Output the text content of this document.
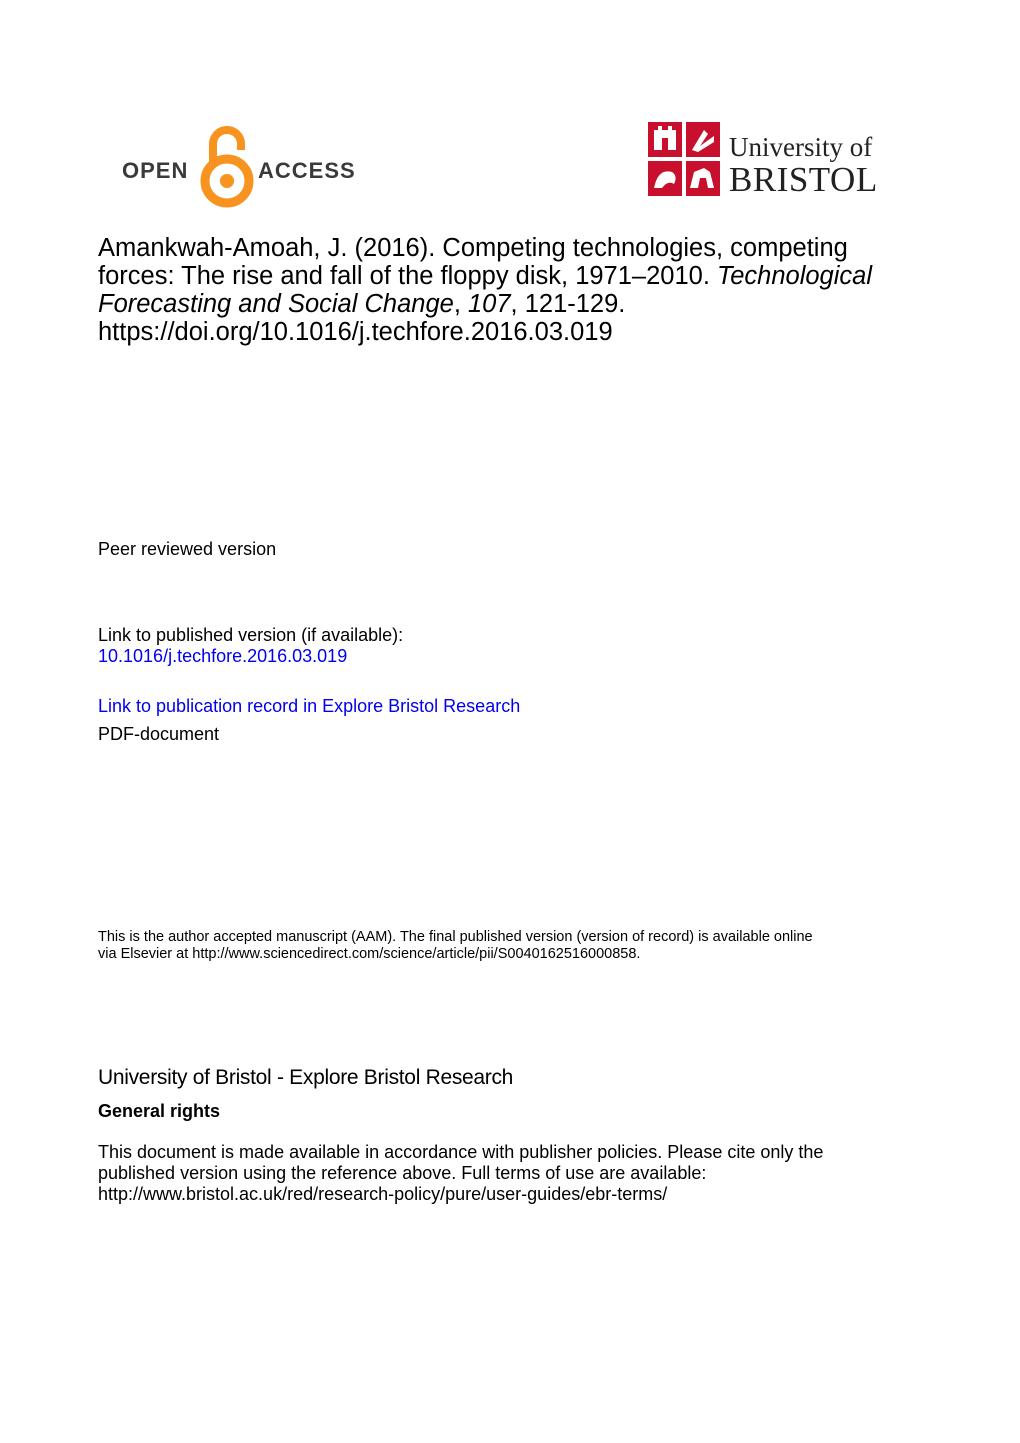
OPEN	ACCESS
University of
BRISTOL
Amankwah-Amoah, J. (2016). Competing technologies, competing
forces: The rise and fall of the floppy disk, 1971–2010. Technological
Forecasting and Social Change, 107, 121-129.
https://doi.org/10.1016/j.techfore.2016.03.019
Peer reviewed version
Link to published version (if available):
10.1016/j.techfore.2016.03.019
Link to publication record in Explore Bristol Research
PDF-document
This is the author accepted manuscript (AAM). The final published version (version of record) is available online
via Elsevier at http://www.sciencedirect.com/science/article/pii/S0040162516000858.
University of Bristol - Explore Bristol Research
General rights
This document is made available in accordance with publisher policies. Please cite only the
published version using the reference above. Full terms of use are available:
http://www.bristol.ac.uk/red/research-policy/pure/user-guides/ebr-terms/
